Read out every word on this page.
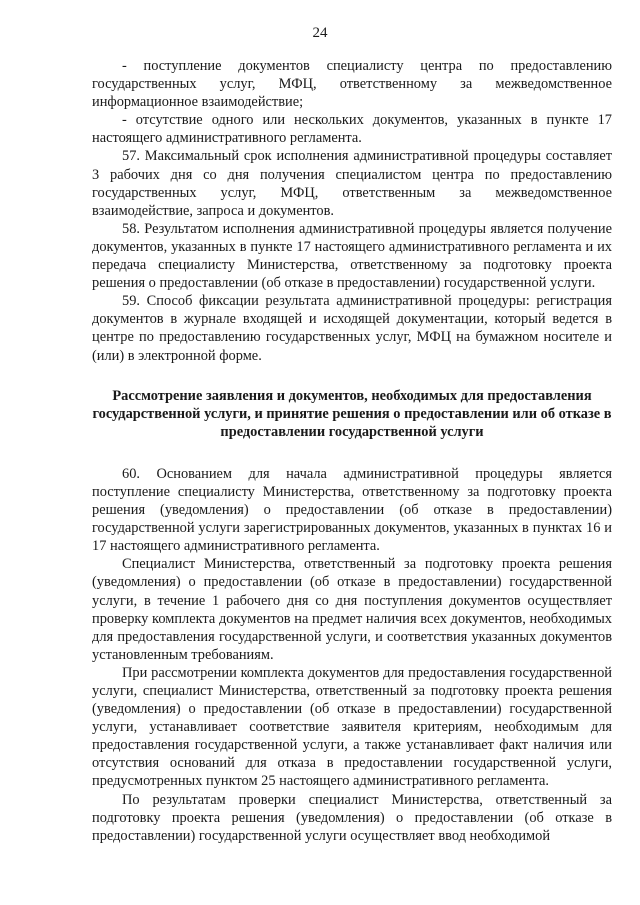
24

- поступление документов специалисту центра по предоставлению государственных услуг, МФЦ, ответственному за межведомственное информационное взаимодействие;

- отсутствие одного или нескольких документов, указанных в пункте 17 настоящего административного регламента.

57. Максимальный срок исполнения административной процедуры составляет 3 рабочих дня со дня получения специалистом центра по предоставлению государственных услуг, МФЦ, ответственным за межведомственное взаимодействие, запроса и документов.

58. Результатом исполнения административной процедуры является получение документов, указанных в пункте 17 настоящего административного регламента и их передача специалисту Министерства, ответственному за подготовку проекта решения о предоставлении (об отказе в предоставлении) государственной услуги.

59. Способ фиксации результата административной процедуры: регистрация документов в журнале входящей и исходящей документации, который ведется в центре по предоставлению государственных услуг, МФЦ на бумажном носителе и (или) в электронной форме.

Рассмотрение заявления и документов, необходимых для предоставления государственной услуги, и принятие решения о предоставлении или об отказе в предоставлении государственной услуги

60. Основанием для начала административной процедуры является поступление специалисту Министерства, ответственному за подготовку проекта решения (уведомления) о предоставлении (об отказе в предоставлении) государственной услуги зарегистрированных документов, указанных в пунктах 16 и 17 настоящего административного регламента.

Специалист Министерства, ответственный за подготовку проекта решения (уведомления) о предоставлении (об отказе в предоставлении) государственной услуги, в течение 1 рабочего дня со дня поступления документов осуществляет проверку комплекта документов на предмет наличия всех документов, необходимых для предоставления государственной услуги, и соответствия указанных документов установленным требованиям.

При рассмотрении комплекта документов для предоставления государственной услуги, специалист Министерства, ответственный за подготовку проекта решения (уведомления) о предоставлении (об отказе в предоставлении) государственной услуги, устанавливает соответствие заявителя критериям, необходимым для предоставления государственной услуги, а также устанавливает факт наличия или отсутствия оснований для отказа в предоставлении государственной услуги, предусмотренных пунктом 25 настоящего административного регламента.

По результатам проверки специалист Министерства, ответственный за подготовку проекта решения (уведомления) о предоставлении (об отказе в предоставлении) государственной услуги осуществляет ввод необходимой
